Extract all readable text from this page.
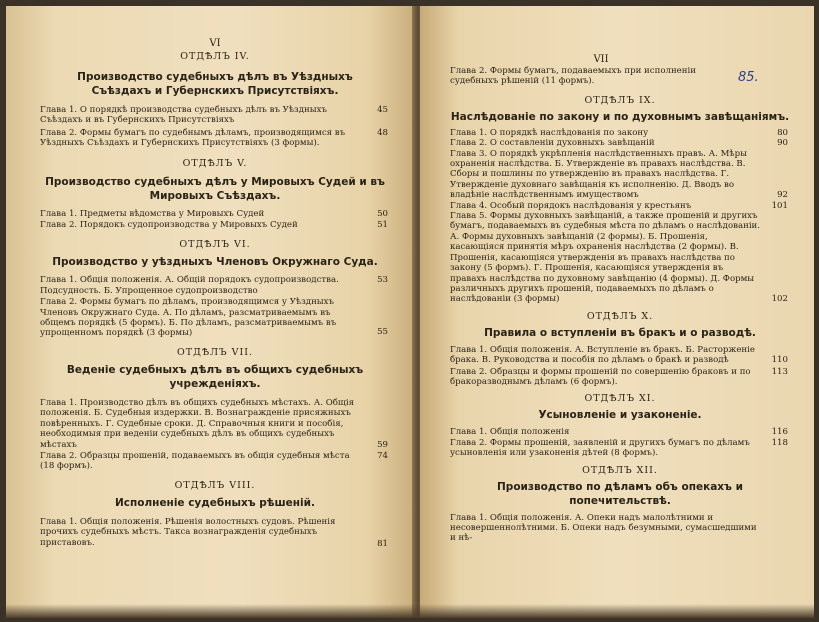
VI

ОТДѢЛЪ IV.

Производство судебныхъ дѣлъ въ Уѣздныхъ Съѣздахъ и Губернскихъ Присутствіяхъ.

Глава 1. О порядкѣ производства судебныхъ дѣлъ въ Уѣздныхъ Съѣздахъ и въ Губернскихъ Присутствіяхъ
45

Глава 2. Формы бумагъ по судебнымъ дѣламъ, производящимся въ Уѣздныхъ Съѣздахъ и Губернскихъ Присутствіяхъ (3 формы).
48

ОТДѢЛЪ V.

Производство судебныхъ дѣлъ у Мировыхъ Судей и въ Мировыхъ Съѣздахъ.

Глава 1. Предметы вѣдомства у Мировыхъ Судей	50

Глава 2. Порядокъ судопроизводства у Мировыхъ Судей	51

ОТДѢЛЪ VI.

Производство у уѣздныхъ Членовъ Окружнаго Суда.

Глава 1. Общія положенія. А. Общій порядокъ судопроизводства. Подсудность. Б. Упрощенное судопроизводство
53

Глава 2. Формы бумагъ по дѣламъ, производящимся у Уѣздныхъ Членовъ Окружнаго Суда. А. По дѣламъ, разсматриваемымъ въ общемъ порядкѣ (5 формъ). Б. По дѣламъ, разсматриваемымъ въ упрощенномъ порядкѣ (3 формы)	55

ОТДѢЛЪ VII.

Веденіе судебныхъ дѣлъ въ общихъ судебныхъ учрежденіяхъ.

Глава 1. Производство дѣлъ въ общихъ судебныхъ мѣстахъ. А. Общія положенія. Б. Судебныя издержки. В. Вознагражденіе присяжныхъ повѣренныхъ. Г. Судебные сроки. Д. Справочныя книги и пособія, необходимыя при веденіи судебныхъ дѣлъ въ общихъ судебныхъ мѣстахъ	59

Глава 2. Образцы прошеній, подаваемыхъ въ общія судебныя мѣста (18 формъ).
74

ОТДѢЛЪ VIII.

Исполненіе судебныхъ рѣшеній.

Глава 1. Общія положенія. Рѣшенія волостныхъ судовъ. Рѣшенія прочихъ судебныхъ мѣстъ. Такса вознагражденія судебныхъ приставовъ.	81

VII

85.

Глава 2. Формы бумагъ, подаваемыхъ при исполненіи судебныхъ рѣшеній (11 формъ).

ОТДѢЛЪ IX.

Наслѣдованіе по закону и по духовнымъ завѣщаніямъ.

Глава 1. О порядкѣ наслѣдованія по закону	80

Глава 2. О составленіи духовныхъ завѣщаній	90

Глава 3. О порядкѣ укрѣпленія наслѣдственныхъ правъ. А. Мѣры охраненія наслѣдства. Б. Утвержденіе въ правахъ наслѣдства. В. Сборы и пошлины по утвержденію въ правахъ наслѣдства. Г. Утвержденіе духовнаго завѣщанія къ исполненію. Д. Вводъ во владѣніе наслѣдственнымъ имуществомъ	92

Глава 4. Особый порядокъ наслѣдованія у крестьянъ	101

Глава 5. Формы духовныхъ завѣщаній, а также прошеній и другихъ бумагъ, подаваемыхъ въ судебныя мѣста по дѣламъ о наслѣдованіи. А. Формы духовныхъ завѣщаній (2 формы). Б. Прошенія, касающіяся принятія мѣръ охраненія наслѣдства (2 формы). В. Прошенія, касающіяся утвержденія въ правахъ наслѣдства по закону (5 формъ). Г. Прошенія, касающіяся утвержденія въ правахъ наслѣдства по духовному завѣщанію (4 формы). Д. Формы различныхъ другихъ прошеній, подаваемыхъ по дѣламъ о наслѣдованіи (3 формы)	102

ОТДѢЛЪ X.

Правила о вступленіи въ бракъ и о разводѣ.

Глава 1. Общія положенія. А. Вступленіе въ бракъ. Б. Расторженіе брака. В. Руководства и пособія по дѣламъ о бракѣ и разводѣ	110

Глава 2. Образцы и формы прошеній по совершенію браковъ и по бракоразводнымъ дѣламъ (6 формъ).
113

ОТДѢЛЪ XI.

Усыновленіе и узаконеніе.

Глава 1. Общія положенія	116

Глава 2. Формы прошеній, заявленій и другихъ бумагъ по дѣламъ усыновленія или узаконенія дѣтей (8 формъ).
118

ОТДѢЛЪ XII.

Производство по дѣламъ объ опекахъ и попечительствѣ.

Глава 1. Общія положенія. А. Опеки надъ малолѣтними и несовершеннолѣтними. Б. Опеки надъ безумными, сумасшедшими и нѣ-
